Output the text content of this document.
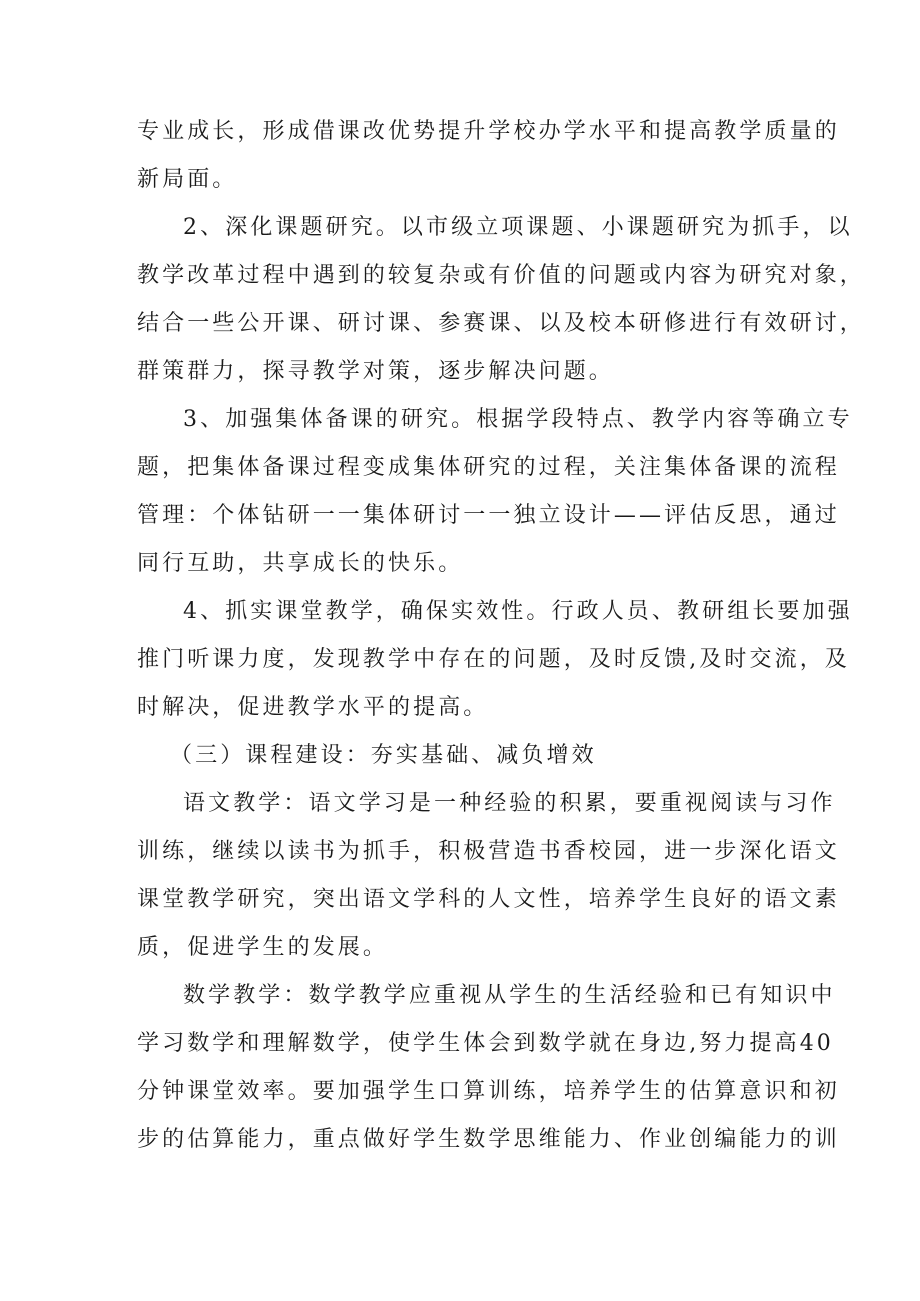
专业成长，形成借课改优势提升学校办学水平和提高教学质量的
新局面。
2、深化课题研究。以市级立项课题、小课题研究为抓手，以
教学改革过程中遇到的较复杂或有价值的问题或内容为研究对象，
结合一些公开课、研讨课、参赛课、以及校本研修进行有效研讨，
群策群力，探寻教学对策，逐步解决问题。
3、加强集体备课的研究。根据学段特点、教学内容等确立专
题，把集体备课过程变成集体研究的过程，关注集体备课的流程
管理：个体钻研一一集体研讨一一独立设计——评估反思，通过
同行互助，共享成长的快乐。
4、抓实课堂教学，确保实效性。行政人员、教研组长要加强
推门听课力度，发现教学中存在的问题，及时反馈,及时交流，及
时解决，促进教学水平的提高。
（三）课程建设：夯实基础、减负增效
语文教学：语文学习是一种经验的积累，要重视阅读与习作
训练，继续以读书为抓手，积极营造书香校园，进一步深化语文
课堂教学研究，突出语文学科的人文性，培养学生良好的语文素
质，促进学生的发展。
数学教学：数学教学应重视从学生的生活经验和已有知识中
学习数学和理解数学，使学生体会到数学就在身边,努力提高40
分钟课堂效率。要加强学生口算训练，培养学生的估算意识和初
步的估算能力，重点做好学生数学思维能力、作业创编能力的训
